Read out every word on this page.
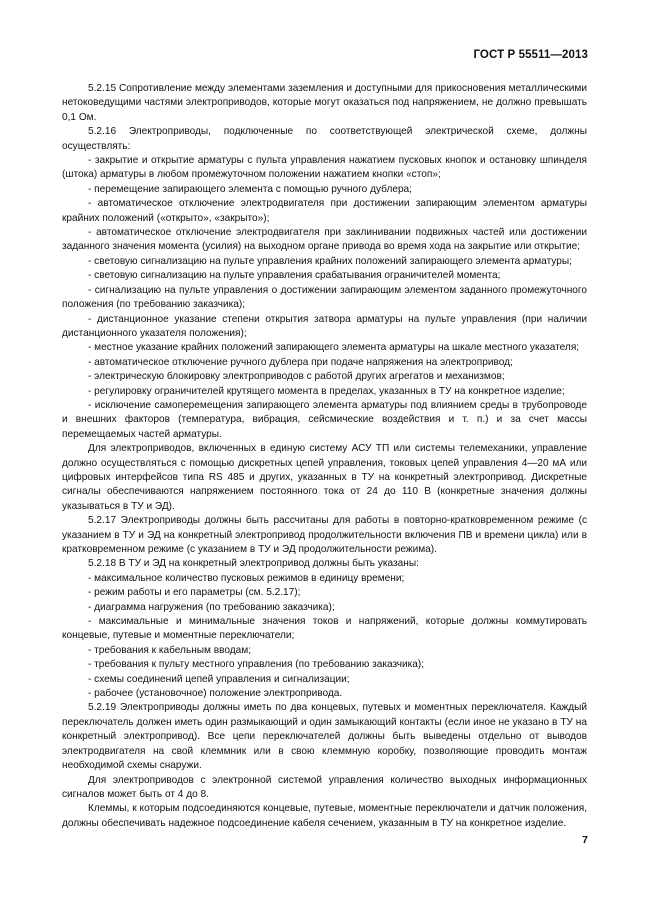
ГОСТ Р 55511—2013

5.2.15 Сопротивление между элементами заземления и доступными для прикосновения металлическими нетоковедущими частями электроприводов, которые могут оказаться под напряжением, не должно превышать 0,1 Ом.

5.2.16 Электроприводы, подключенные по соответствующей электрической схеме, должны осуществлять:

- закрытие и открытие арматуры с пульта управления нажатием пусковых кнопок и остановку шпинделя (штока) арматуры в любом промежуточном положении нажатием кнопки «стоп»;

- перемещение запирающего элемента с помощью ручного дублера;

- автоматическое отключение электродвигателя при достижении запирающим элементом арматуры крайних положений («открыто», «закрыто»);

- автоматическое отключение электродвигателя при заклинивании подвижных частей или достижении заданного значения момента (усилия) на выходном органе привода во время хода на закрытие или открытие;

- световую сигнализацию на пульте управления крайних положений запирающего элемента арматуры;

- световую сигнализацию на пульте управления срабатывания ограничителей момента;

- сигнализацию на пульте управления о достижении запирающим элементом заданного промежуточного положения (по требованию заказчика);

- дистанционное указание степени открытия затвора арматуры на пульте управления (при наличии дистанционного указателя положения);

- местное указание крайних положений запирающего элемента арматуры на шкале местного указателя;

- автоматическое отключение ручного дублера при подаче напряжения на электропривод;

- электрическую блокировку электроприводов с работой других агрегатов и механизмов;

- регулировку ограничителей крутящего момента в пределах, указанных в ТУ на конкретное изделие;

- исключение самоперемещения запирающего элемента арматуры под влиянием среды в трубопроводе и внешних факторов (температура, вибрация, сейсмические воздействия и т. п.) и за счет массы перемещаемых частей арматуры.

Для электроприводов, включенных в единую систему АСУ ТП или системы телемеханики, управление должно осуществляться с помощью дискретных цепей управления, токовых цепей управления 4—20 мА или цифровых интерфейсов типа RS 485 и других, указанных в ТУ на конкретный электропривод. Дискретные сигналы обеспечиваются напряжением постоянного тока от 24 до 110 В (конкретные значения должны указываться в ТУ и ЭД).

5.2.17 Электроприводы должны быть рассчитаны для работы в повторно-кратковременном режиме (с указанием в ТУ и ЭД на конкретный электропривод продолжительности включения ПВ и времени цикла) или в кратковременном режиме (с указанием в ТУ и ЭД продолжительности режима).

5.2.18 В ТУ и ЭД на конкретный электропривод должны быть указаны:

- максимальное количество пусковых режимов в единицу времени;

- режим работы и его параметры (см. 5.2.17);

- диаграмма нагружения (по требованию заказчика);

- максимальные и минимальные значения токов и напряжений, которые должны коммутировать концевые, путевые и моментные переключатели;

- требования к кабельным вводам;

- требования к пульту местного управления (по требованию заказчика);

- схемы соединений цепей управления и сигнализации;

- рабочее (установочное) положение электропривода.

5.2.19 Электроприводы должны иметь по два концевых, путевых и моментных переключателя. Каждый переключатель должен иметь один размыкающий и один замыкающий контакты (если иное не указано в ТУ на конкретный электропривод). Все цепи переключателей должны быть выведены отдельно от выводов электродвигателя на свой клеммник или в свою клеммную коробку, позволяющие проводить монтаж необходимой схемы снаружи.

Для электроприводов с электронной системой управления количество выходных информационных сигналов может быть от 4 до 8.

Клеммы, к которым подсоединяются концевые, путевые, моментные переключатели и датчик положения, должны обеспечивать надежное подсоединение кабеля сечением, указанным в ТУ на конкретное изделие.

7
